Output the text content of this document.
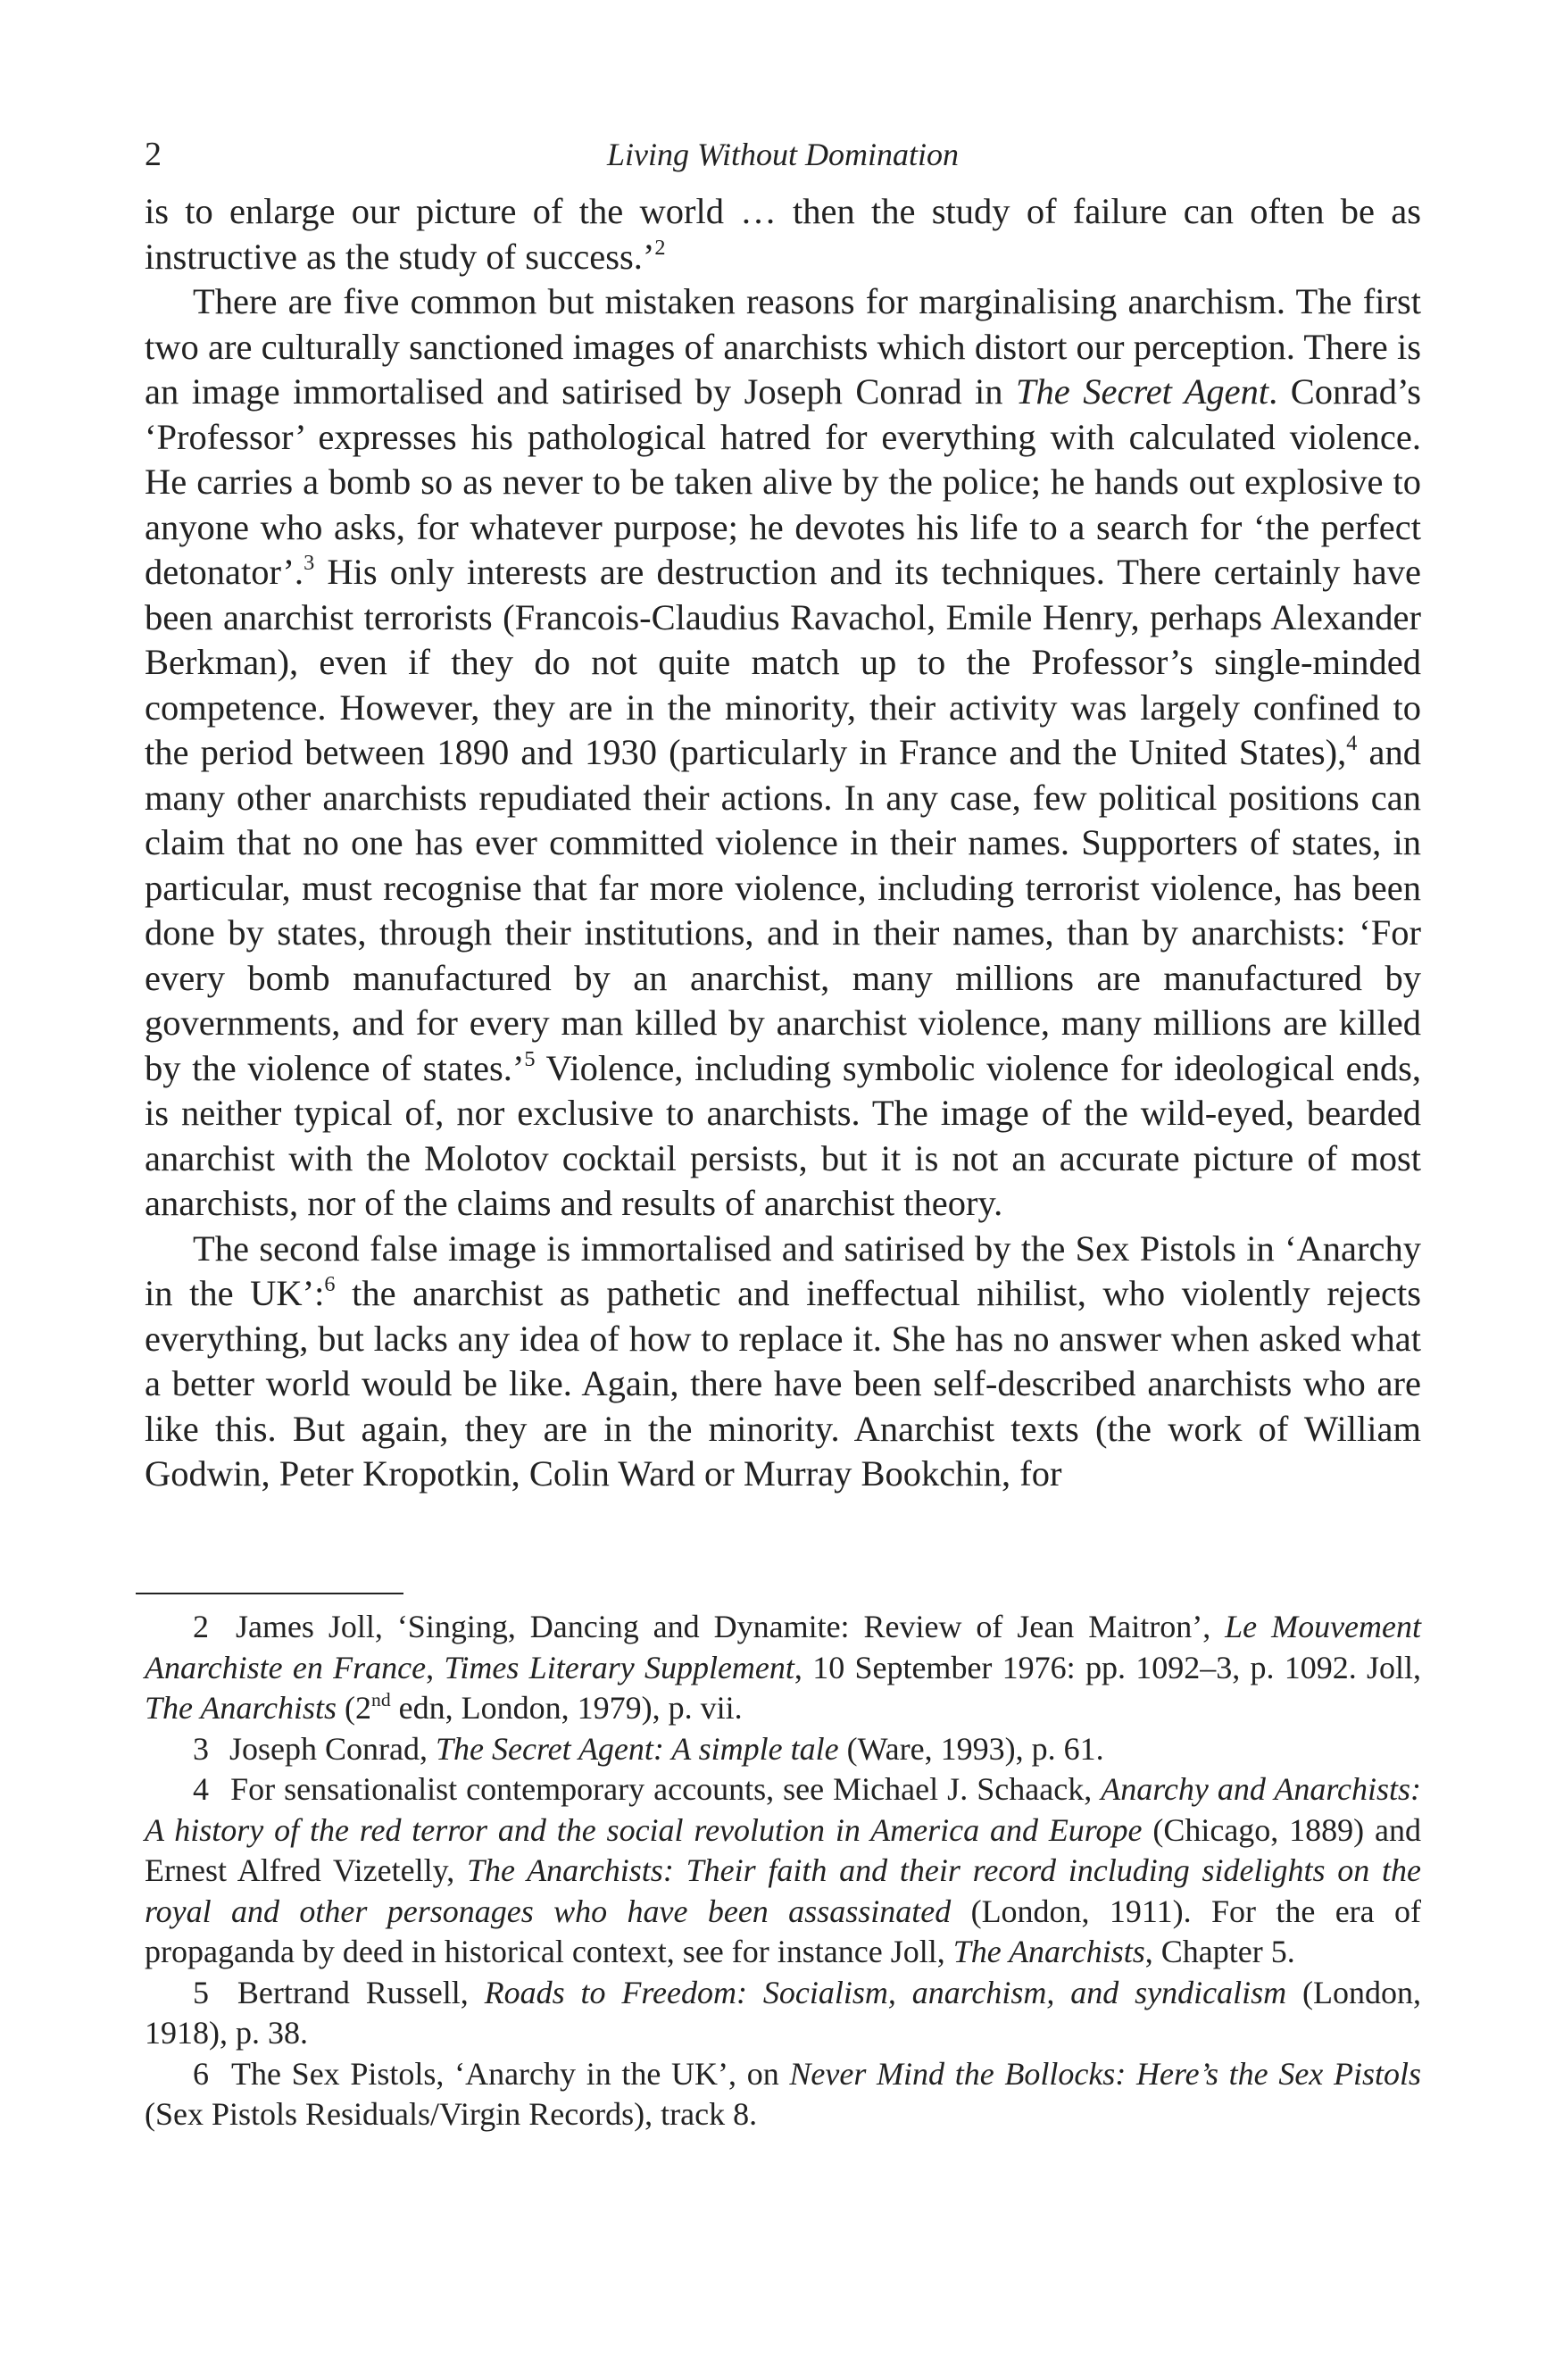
2	Living Without Domination

is to enlarge our picture of the world … then the study of failure can often be as instructive as the study of success.’$^2$

There are five common but mistaken reasons for marginalising anarchism. The first two are culturally sanctioned images of anarchists which distort our perception. There is an image immortalised and satirised by Joseph Conrad in The Secret Agent. Conrad’s ‘Professor’ expresses his pathological hatred for everything with calculated violence. He carries a bomb so as never to be taken alive by the police; he hands out explosive to anyone who asks, for whatever purpose; he devotes his life to a search for ‘the perfect detonator’.$^3$ His only interests are destruction and its techniques. There certainly have been anarchist terrorists (Francois-Claudius Ravachol, Emile Henry, perhaps Alexander Berkman), even if they do not quite match up to the Professor’s single-minded competence. However, they are in the minority, their activity was largely confined to the period between 1890 and 1930 (particularly in France and the United States),$^4$ and many other anarchists repudiated their actions. In any case, few political positions can claim that no one has ever committed violence in their names. Supporters of states, in particular, must recognise that far more violence, including terrorist violence, has been done by states, through their institutions, and in their names, than by anarchists: ‘For every bomb manufactured by an anarchist, many millions are manufactured by governments, and for every man killed by anarchist violence, many millions are killed by the violence of states.’$^5$ Violence, including symbolic violence for ideological ends, is neither typical of, nor exclusive to anarchists. The image of the wild-eyed, bearded anarchist with the Molotov cocktail persists, but it is not an accurate picture of most anarchists, nor of the claims and results of anarchist theory.

The second false image is immortalised and satirised by the Sex Pistols in ‘Anarchy in the UK’:$^6$ the anarchist as pathetic and ineffectual nihilist, who violently rejects everything, but lacks any idea of how to replace it. She has no answer when asked what a better world would be like. Again, there have been self-described anarchists who are like this. But again, they are in the minority. Anarchist texts (the work of William Godwin, Peter Kropotkin, Colin Ward or Murray Bookchin, for

2 James Joll, ‘Singing, Dancing and Dynamite: Review of Jean Maitron’, Le Mouvement Anarchiste en France, Times Literary Supplement, 10 September 1976: pp. 1092–3, p. 1092. Joll, The Anarchists (2nd edn, London, 1979), p. vii.

3 Joseph Conrad, The Secret Agent: A simple tale (Ware, 1993), p. 61.

4 For sensationalist contemporary accounts, see Michael J. Schaack, Anarchy and Anarchists: A history of the red terror and the social revolution in America and Europe (Chicago, 1889) and Ernest Alfred Vizetelly, The Anarchists: Their faith and their record including sidelights on the royal and other personages who have been assassinated (London, 1911). For the era of propaganda by deed in historical context, see for instance Joll, The Anarchists, Chapter 5.

5 Bertrand Russell, Roads to Freedom: Socialism, anarchism, and syndicalism (London, 1918), p. 38.

6 The Sex Pistols, ‘Anarchy in the UK’, on Never Mind the Bollocks: Here’s the Sex Pistols (Sex Pistols Residuals/Virgin Records), track 8.
